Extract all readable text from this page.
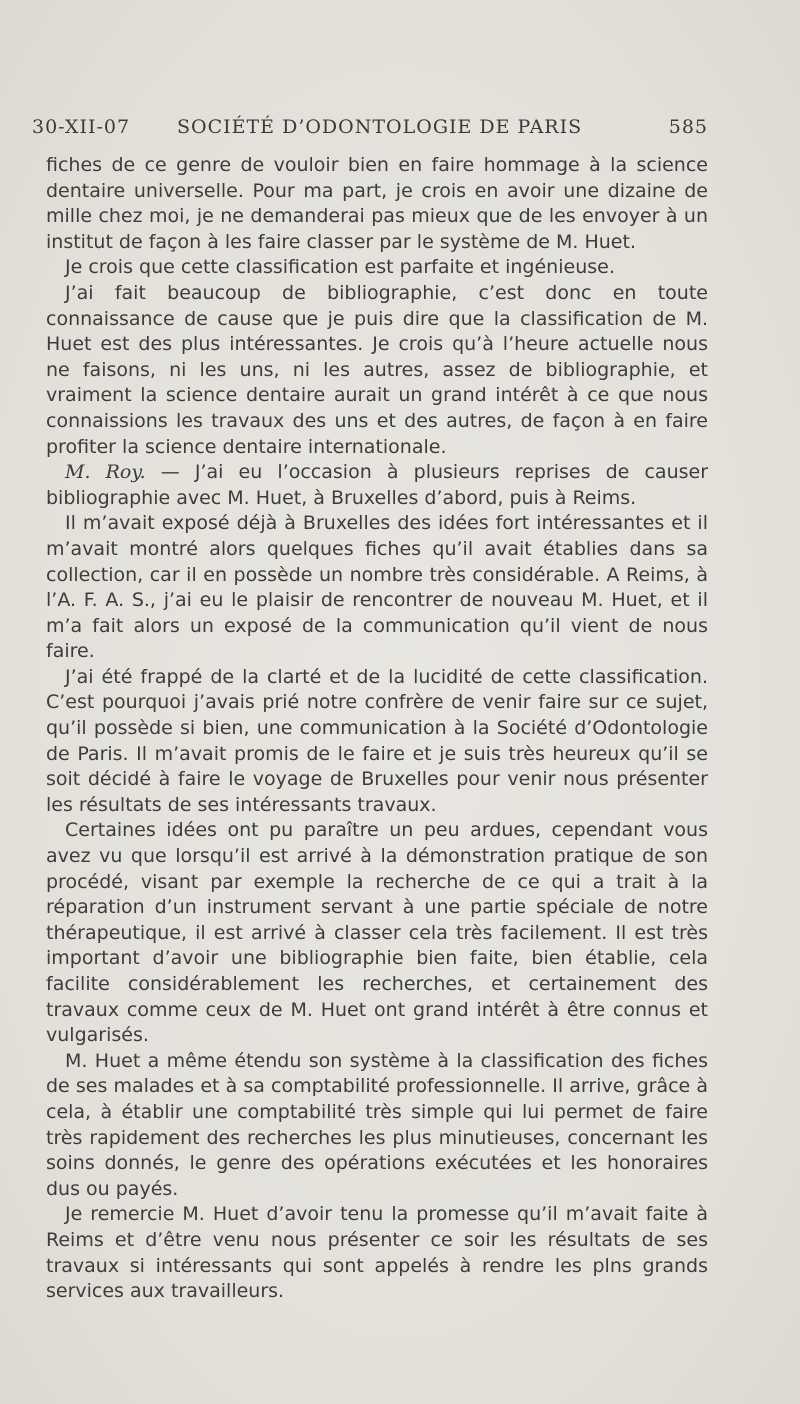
30-XII-07 SOCIÉTÉ D’ODONTOLOGIE DE PARIS	585

fiches de ce genre de vouloir bien en faire hommage à la science dentaire universelle. Pour ma part, je crois en avoir une dizaine de mille chez moi, je ne demanderai pas mieux que de les envoyer à un institut de façon à les faire classer par le système de M. Huet.

Je crois que cette classification est parfaite et ingénieuse.

J’ai fait beaucoup de bibliographie, c’est donc en toute connaissance de cause que je puis dire que la classification de M. Huet est des plus intéressantes. Je crois qu’à l’heure actuelle nous ne faisons, ni les uns, ni les autres, assez de bibliographie, et vraiment la science dentaire aurait un grand intérêt à ce que nous connaissions les travaux des uns et des autres, de façon à en faire profiter la science dentaire internationale.

M. Roy. — J’ai eu l’occasion à plusieurs reprises de causer bibliographie avec M. Huet, à Bruxelles d’abord, puis à Reims.

Il m’avait exposé déjà à Bruxelles des idées fort intéressantes et il m’avait montré alors quelques fiches qu’il avait établies dans sa collection, car il en possède un nombre très considérable. A Reims, à l’A. F. A. S., j’ai eu le plaisir de rencontrer de nouveau M. Huet, et il m’a fait alors un exposé de la communication qu’il vient de nous faire.

J’ai été frappé de la clarté et de la lucidité de cette classification. C’est pourquoi j’avais prié notre confrère de venir faire sur ce sujet, qu’il possède si bien, une communication à la Société d’Odontologie de Paris. Il m’avait promis de le faire et je suis très heureux qu’il se soit décidé à faire le voyage de Bruxelles pour venir nous présenter les résultats de ses intéressants travaux.

Certaines idées ont pu paraître un peu ardues, cependant vous avez vu que lorsqu’il est arrivé à la démonstration pratique de son procédé, visant par exemple la recherche de ce qui a trait à la réparation d’un instrument servant à une partie spéciale de notre thérapeutique, il est arrivé à classer cela très facilement. Il est très important d’avoir une bibliographie bien faite, bien établie, cela facilite considérablement les recherches, et certainement des travaux comme ceux de M. Huet ont grand intérêt à être connus et vulgarisés.

M. Huet a même étendu son système à la classification des fiches de ses malades et à sa comptabilité professionnelle. Il arrive, grâce à cela, à établir une comptabilité très simple qui lui permet de faire très rapidement des recherches les plus minutieuses, concernant les soins donnés, le genre des opérations exécutées et les honoraires dus ou payés.

Je remercie M. Huet d’avoir tenu la promesse qu’il m’avait faite à Reims et d’être venu nous présenter ce soir les résultats de ses travaux si intéressants qui sont appelés à rendre les plns grands services aux travailleurs.
